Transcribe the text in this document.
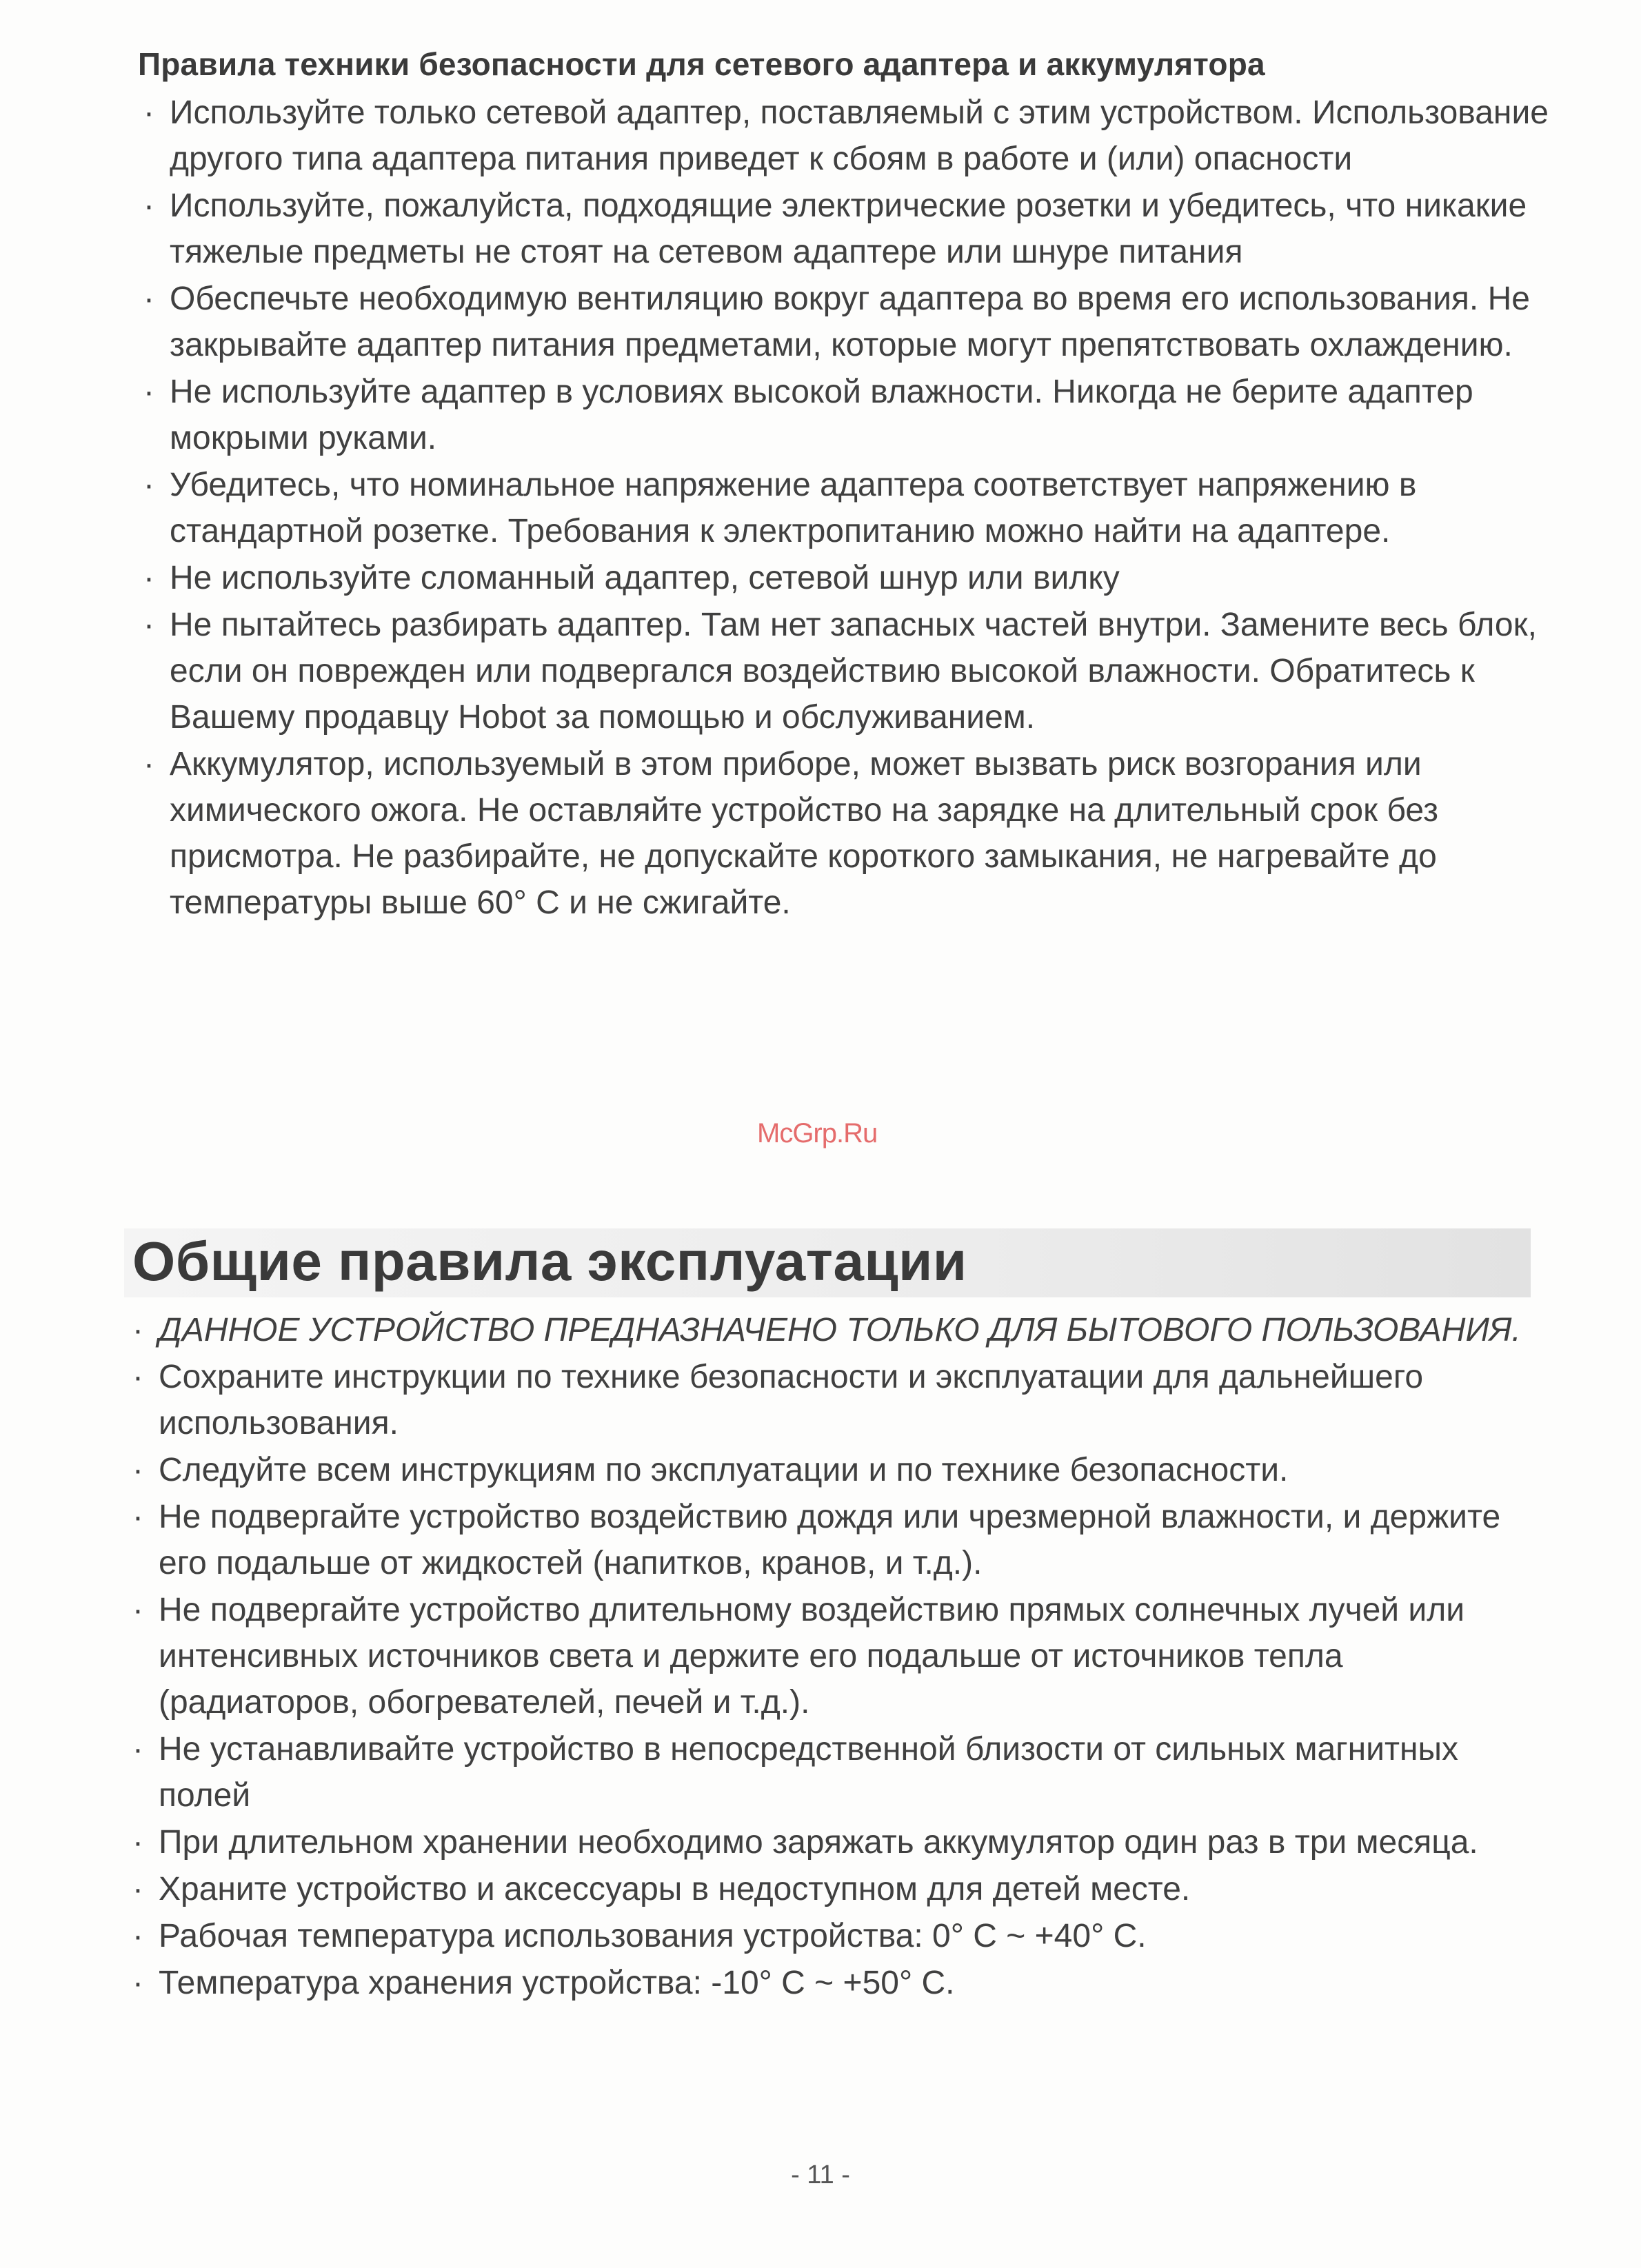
Правила техники безопасности для сетевого адаптера и аккумулятора
· Используйте только сетевой адаптер, поставляемый с этим устройством. Использование другого типа адаптера питания приведет к сбоям в работе и (или) опасности
· Используйте, пожалуйста, подходящие электрические розетки и убедитесь, что никакие тяжелые предметы не стоят на сетевом адаптере или шнуре питания
· Обеспечьте необходимую вентиляцию вокруг адаптера во время его использования. Не закрывайте адаптер питания предметами, которые могут препятствовать охлаждению.
· Не используйте адаптер в условиях высокой влажности. Никогда не берите адаптер мокрыми руками.
· Убедитесь, что номинальное напряжение адаптера соответствует напряжению в стандартной розетке. Требования к электропитанию можно найти на адаптере.
· Не используйте сломанный адаптер, сетевой шнур или вилку
· Не пытайтесь разбирать адаптер. Там нет запасных частей внутри. Замените весь блок, если он поврежден или подвергался воздействию высокой влажности. Обратитесь к Вашему продавцу Hobot за помощью и обслуживанием.
· Аккумулятор, используемый в этом приборе, может вызвать риск возгорания или химического ожога. Не оставляйте устройство на зарядке на длительный срок без присмотра. Не разбирайте, не допускайте короткого замыкания, не нагревайте до температуры выше 60° С и не сжигайте.
McGrp.Ru
Общие правила эксплуатации
· ДАННОЕ УСТРОЙСТВО ПРЕДНАЗНАЧЕНО ТОЛЬКО ДЛЯ БЫТОВОГО ПОЛЬЗОВАНИЯ.
· Сохраните инструкции по технике безопасности и эксплуатации для дальнейшего использования.
· Следуйте всем инструкциям по эксплуатации и по технике безопасности.
· Не подвергайте устройство воздействию дождя или чрезмерной влажности, и держите его подальше от жидкостей (напитков, кранов, и т.д.).
· Не подвергайте устройство длительному воздействию прямых солнечных лучей или интенсивных источников света и держите его подальше от источников тепла (радиаторов, обогревателей, печей и т.д.).
· Не устанавливайте устройство в непосредственной близости от сильных магнитных полей
· При длительном хранении необходимо заряжать аккумулятор один раз в три месяца.
· Храните устройство и аксессуары в недоступном для детей месте.
· Рабочая температура использования устройства: 0° С ~ +40° С.
· Температура хранения устройства: -10° С ~ +50° С.
- 11 -
